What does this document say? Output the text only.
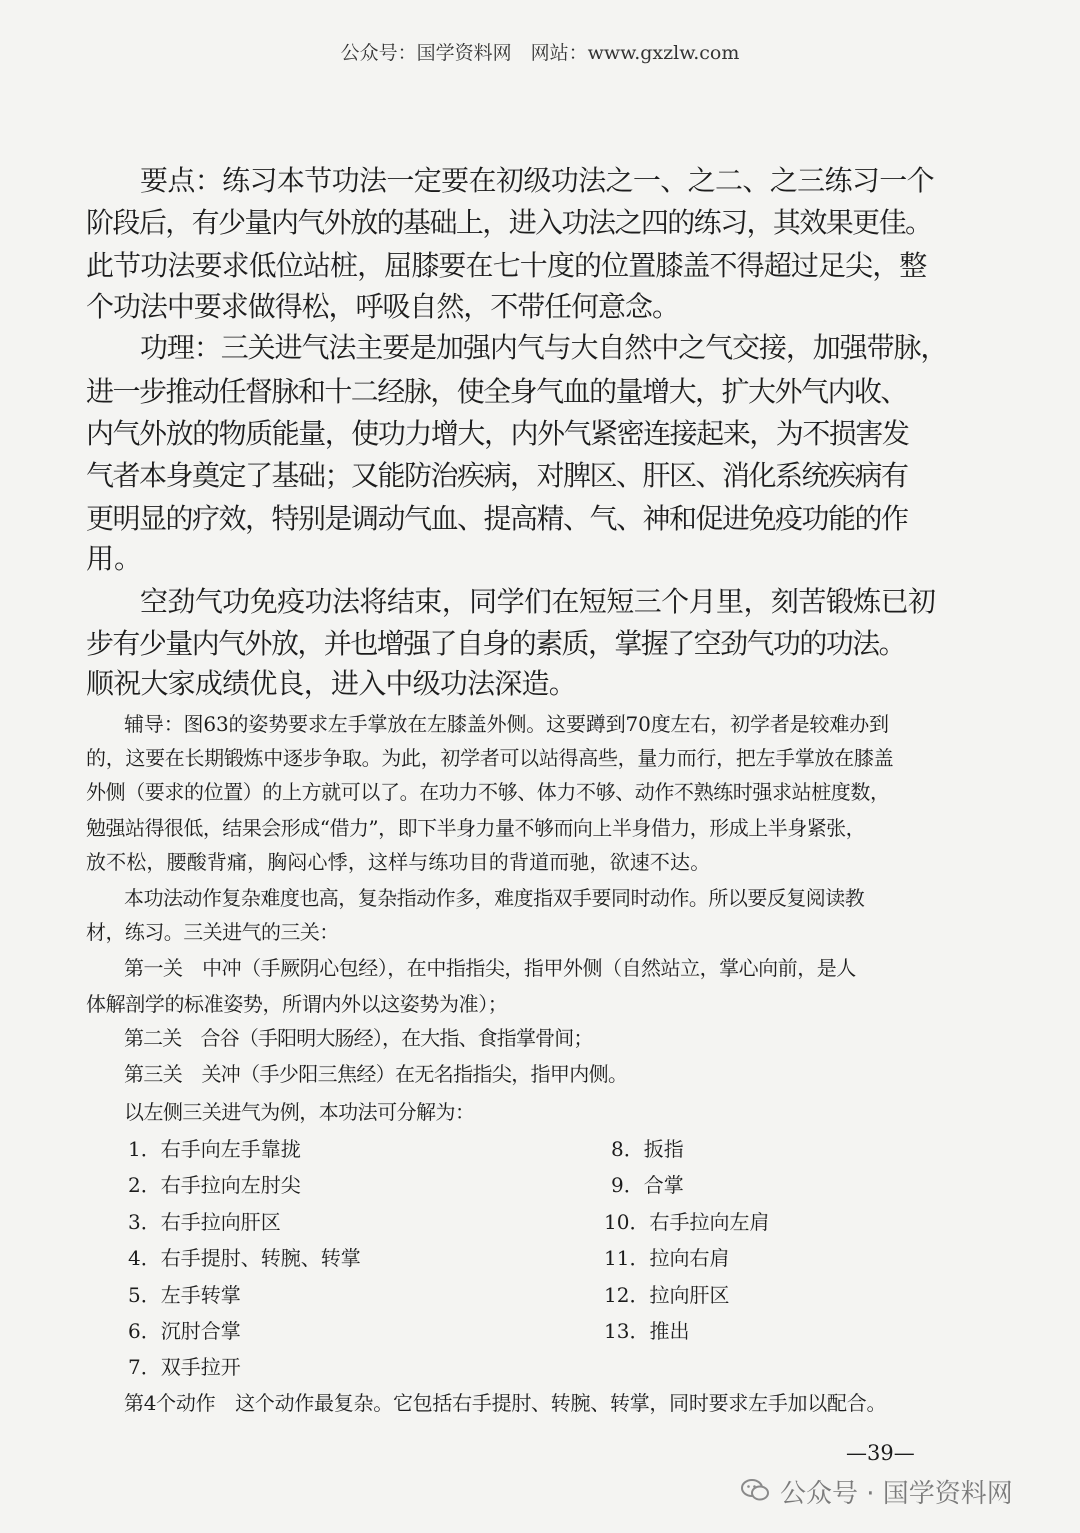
公众号：国学资料网　网站：www.gxzlw.com

要点：练习本节功法一定要在初级功法之一、之二、之三练习一个

阶段后，有少量内气外放的基础上，进入功法之四的练习，其效果更佳。

此节功法要求低位站桩，屈膝要在七十度的位置膝盖不得超过足尖，整

个功法中要求做得松，呼吸自然，不带任何意念。

功理：三关进气法主要是加强内气与大自然中之气交接，加强带脉，

进一步推动任督脉和十二经脉，使全身气血的量增大，扩大外气内收、

内气外放的物质能量，使功力增大，内外气紧密连接起来，为不损害发

气者本身奠定了基础；又能防治疾病，对脾区、肝区、消化系统疾病有

更明显的疗效，特别是调动气血、提高精、气、神和促进免疫功能的作

用。

空劲气功免疫功法将结束，同学们在短短三个月里，刻苦锻炼已初

步有少量内气外放，并也增强了自身的素质，掌握了空劲气功的功法。

顺祝大家成绩优良，进入中级功法深造。

辅导：图63的姿势要求左手掌放在左膝盖外侧。这要蹲到70度左右，初学者是较难办到

的，这要在长期锻炼中逐步争取。为此，初学者可以站得高些，量力而行，把左手掌放在膝盖

外侧（要求的位置）的上方就可以了。在功力不够、体力不够、动作不熟练时强求站桩度数，

勉强站得很低，结果会形成“借力”，即下半身力量不够而向上半身借力，形成上半身紧张，

放不松，腰酸背痛，胸闷心悸，这样与练功目的背道而驰，欲速不达。

本功法动作复杂难度也高，复杂指动作多，难度指双手要同时动作。所以要反复阅读教

材，练习。三关进气的三关：

第一关　中冲（手厥阴心包经），在中指指尖，指甲外侧（自然站立，掌心向前，是人

体解剖学的标准姿势，所谓内外以这姿势为准）；

第二关　合谷（手阳明大肠经），在大指、食指掌骨间；

第三关　关冲（手少阳三焦经）在无名指指尖，指甲内侧。

以左侧三关进气为例，本功法可分解为：

1．右手向左手靠拢

2．右手拉向左肘尖

3．右手拉向肝区

4．右手提肘、转腕、转掌

5．左手转掌

6．沉肘合掌

7．双手拉开

8．扳指

9．合掌

10．右手拉向左肩

11．拉向右肩

12．拉向肝区

13．推出

第4个动作　这个动作最复杂。它包括右手提肘、转腕、转掌，同时要求左手加以配合。

—39—

公众号 · 国学资料网
